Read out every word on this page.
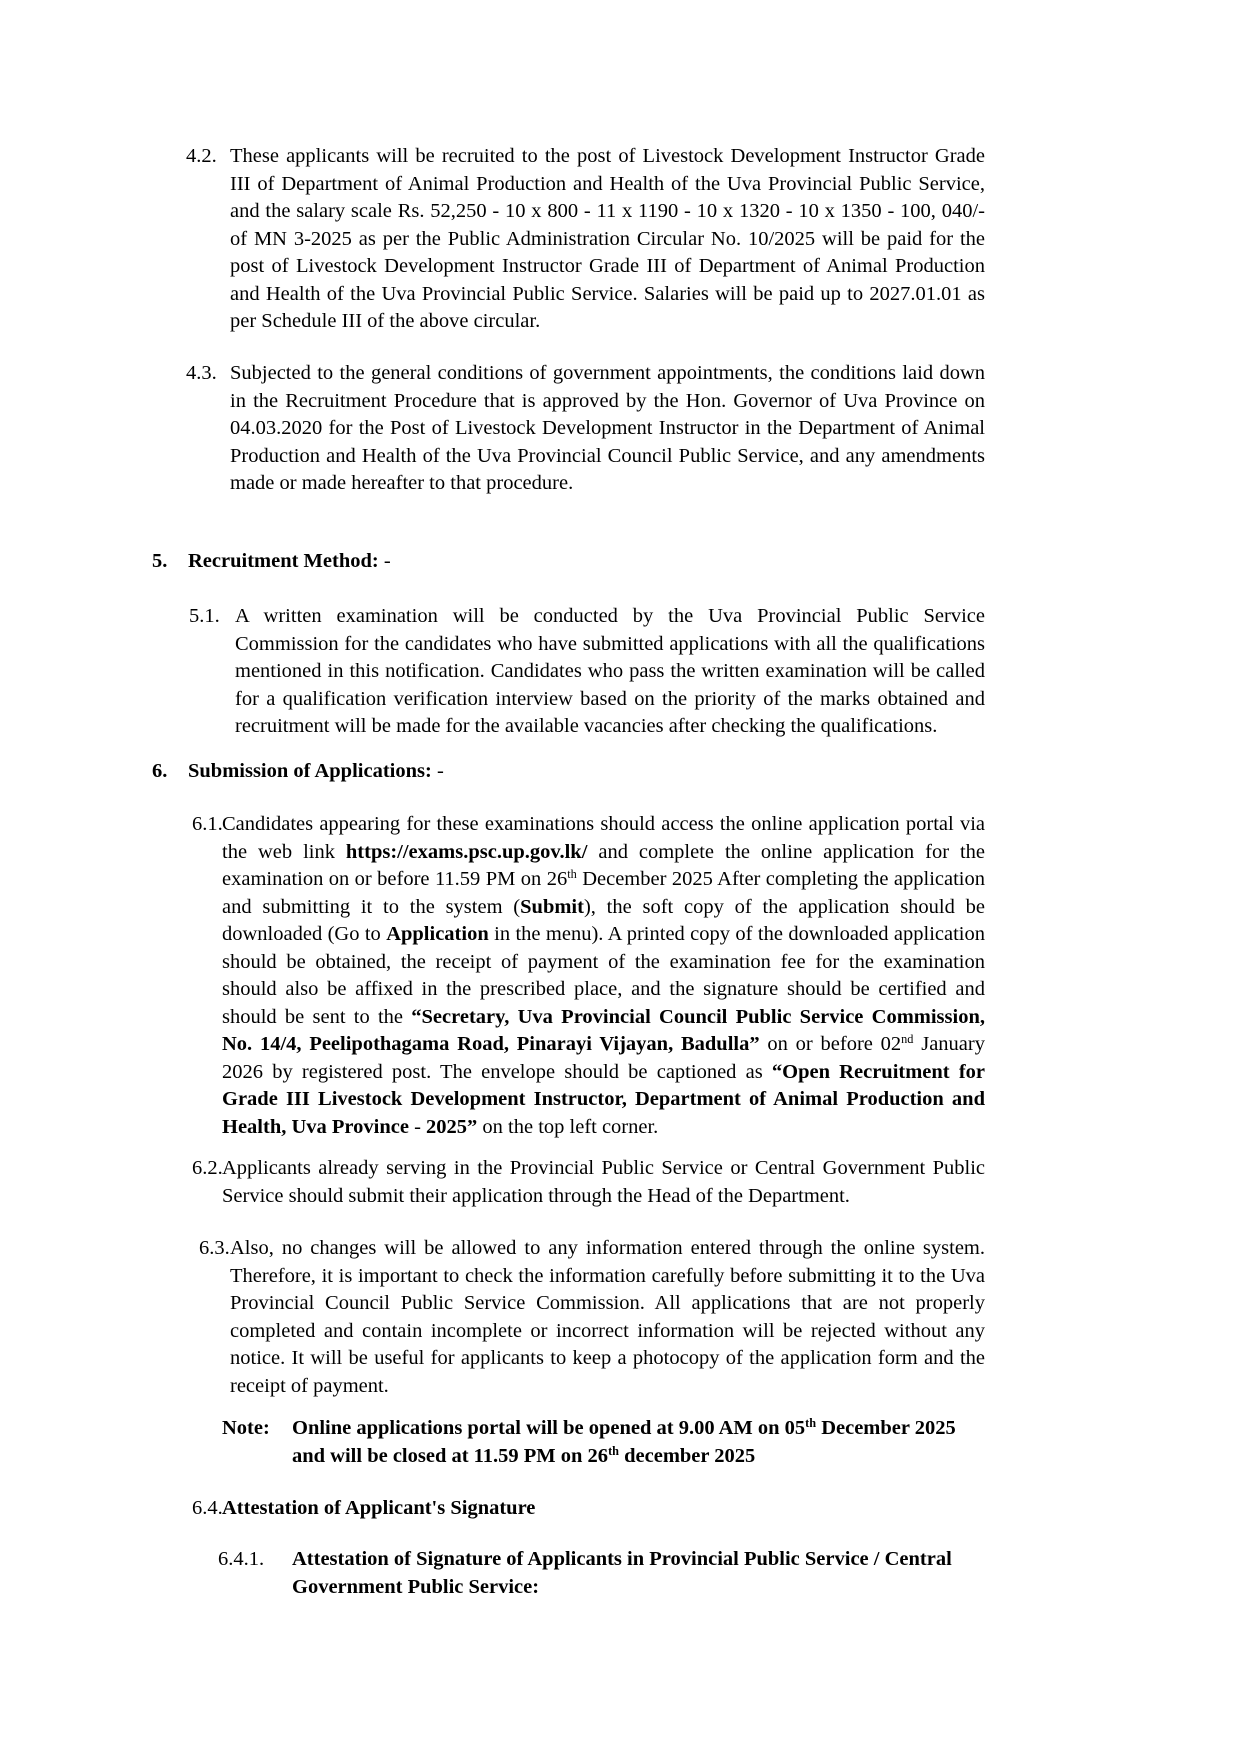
4.2. These applicants will be recruited to the post of Livestock Development Instructor Grade III of Department of Animal Production and Health of the Uva Provincial Public Service, and the salary scale Rs. 52,250 - 10 x 800 - 11 x 1190 - 10 x 1320 - 10 x 1350 - 100, 040/- of MN 3-2025 as per the Public Administration Circular No. 10/2025 will be paid for the post of Livestock Development Instructor Grade III of Department of Animal Production and Health of the Uva Provincial Public Service. Salaries will be paid up to 2027.01.01 as per Schedule III of the above circular.

4.3. Subjected to the general conditions of government appointments, the conditions laid down in the Recruitment Procedure that is approved by the Hon. Governor of Uva Province on 04.03.2020 for the Post of Livestock Development Instructor in the Department of Animal Production and Health of the Uva Provincial Council Public Service, and any amendments made or made hereafter to that procedure.

5. Recruitment Method: -

5.1. A written examination will be conducted by the Uva Provincial Public Service Commission for the candidates who have submitted applications with all the qualifications mentioned in this notification. Candidates who pass the written examination will be called for a qualification verification interview based on the priority of the marks obtained and recruitment will be made for the available vacancies after checking the qualifications.

6. Submission of Applications: -

6.1. Candidates appearing for these examinations should access the online application portal via the web link https://exams.psc.up.gov.lk/ and complete the online application for the examination on or before 11.59 PM on 26th December 2025 After completing the application and submitting it to the system (Submit), the soft copy of the application should be downloaded (Go to Application in the menu). A printed copy of the downloaded application should be obtained, the receipt of payment of the examination fee for the examination should also be affixed in the prescribed place, and the signature should be certified and should be sent to the “Secretary, Uva Provincial Council Public Service Commission, No. 14/4, Peelipothagama Road, Pinarayi Vijayan, Badulla” on or before 02nd January 2026 by registered post. The envelope should be captioned as “Open Recruitment for Grade III Livestock Development Instructor, Department of Animal Production and Health, Uva Province - 2025” on the top left corner.

6.2. Applicants already serving in the Provincial Public Service or Central Government Public Service should submit their application through the Head of the Department.

6.3. Also, no changes will be allowed to any information entered through the online system. Therefore, it is important to check the information carefully before submitting it to the Uva Provincial Council Public Service Commission. All applications that are not properly completed and contain incomplete or incorrect information will be rejected without any notice. It will be useful for applicants to keep a photocopy of the application form and the receipt of payment.

Note: Online applications portal will be opened at 9.00 AM on 05th December 2025 and will be closed at 11.59 PM on 26th december 2025

6.4. Attestation of Applicant's Signature

6.4.1. Attestation of Signature of Applicants in Provincial Public Service / Central Government Public Service:
